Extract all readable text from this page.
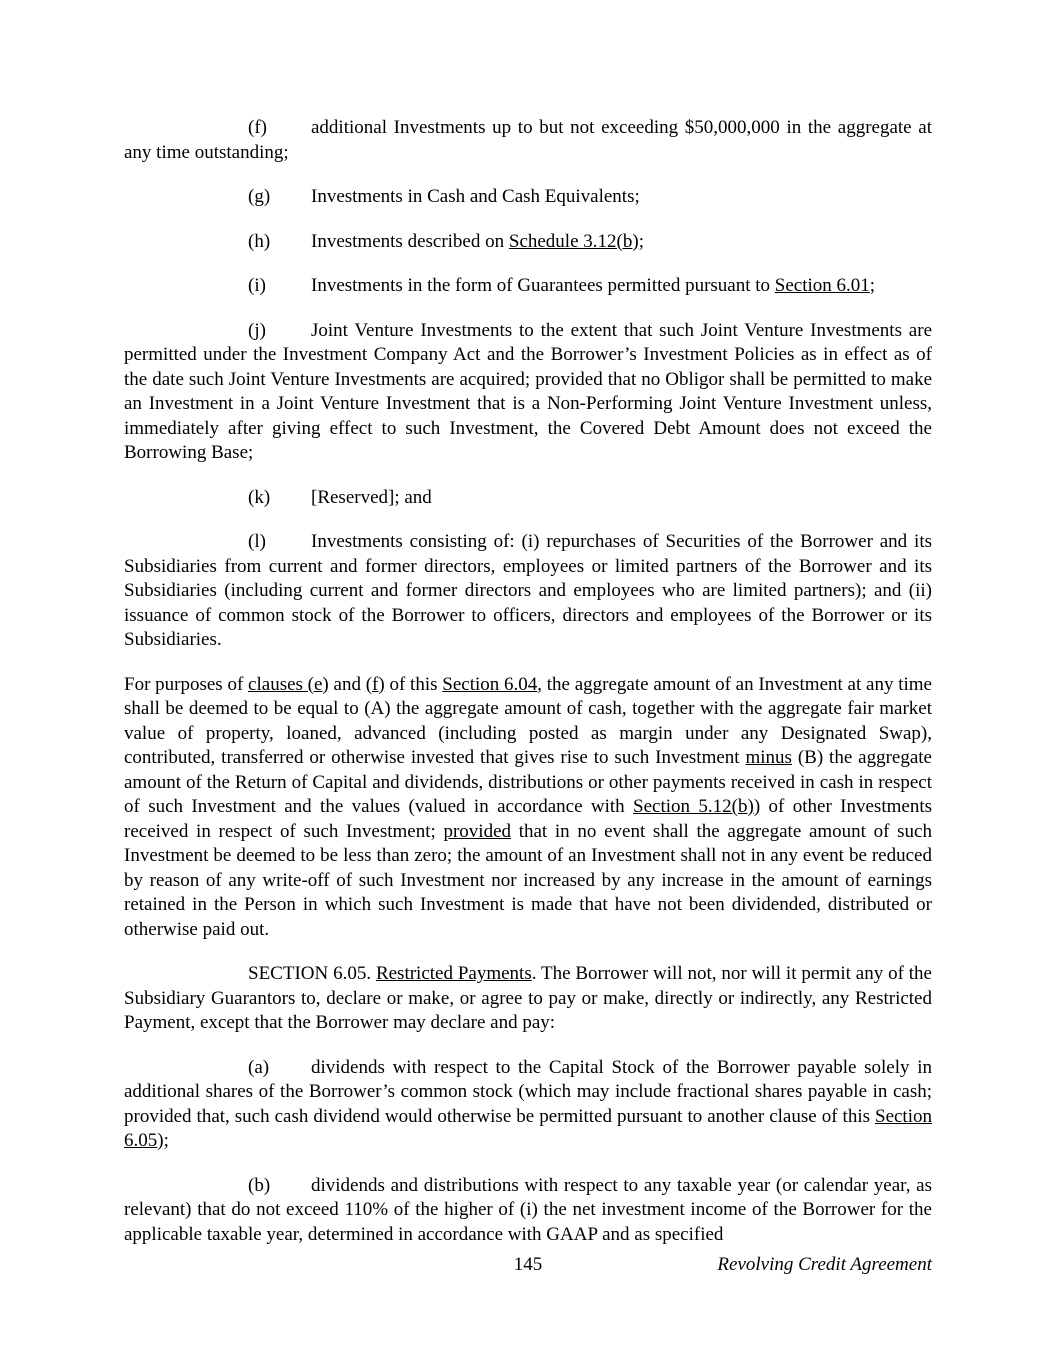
(f) additional Investments up to but not exceeding $50,000,000 in the aggregate at any time outstanding;

(g) Investments in Cash and Cash Equivalents;

(h) Investments described on Schedule 3.12(b);

(i) Investments in the form of Guarantees permitted pursuant to Section 6.01;

(j) Joint Venture Investments to the extent that such Joint Venture Investments are permitted under the Investment Company Act and the Borrower’s Investment Policies as in effect as of the date such Joint Venture Investments are acquired; provided that no Obligor shall be permitted to make an Investment in a Joint Venture Investment that is a Non-Performing Joint Venture Investment unless, immediately after giving effect to such Investment, the Covered Debt Amount does not exceed the Borrowing Base;

(k) [Reserved]; and

(l) Investments consisting of: (i) repurchases of Securities of the Borrower and its Subsidiaries from current and former directors, employees or limited partners of the Borrower and its Subsidiaries (including current and former directors and employees who are limited partners); and (ii) issuance of common stock of the Borrower to officers, directors and employees of the Borrower or its Subsidiaries.

For purposes of clauses (e) and (f) of this Section 6.04, the aggregate amount of an Investment at any time shall be deemed to be equal to (A) the aggregate amount of cash, together with the aggregate fair market value of property, loaned, advanced (including posted as margin under any Designated Swap), contributed, transferred or otherwise invested that gives rise to such Investment minus (B) the aggregate amount of the Return of Capital and dividends, distributions or other payments received in cash in respect of such Investment and the values (valued in accordance with Section 5.12(b)) of other Investments received in respect of such Investment; provided that in no event shall the aggregate amount of such Investment be deemed to be less than zero; the amount of an Investment shall not in any event be reduced by reason of any write-off of such Investment nor increased by any increase in the amount of earnings retained in the Person in which such Investment is made that have not been dividended, distributed or otherwise paid out.

SECTION 6.05. Restricted Payments. The Borrower will not, nor will it permit any of the Subsidiary Guarantors to, declare or make, or agree to pay or make, directly or indirectly, any Restricted Payment, except that the Borrower may declare and pay:

(a) dividends with respect to the Capital Stock of the Borrower payable solely in additional shares of the Borrower’s common stock (which may include fractional shares payable in cash; provided that, such cash dividend would otherwise be permitted pursuant to another clause of this Section 6.05);

(b) dividends and distributions with respect to any taxable year (or calendar year, as relevant) that do not exceed 110% of the higher of (i) the net investment income of the Borrower for the applicable taxable year, determined in accordance with GAAP and as specified

145	Revolving Credit Agreement
